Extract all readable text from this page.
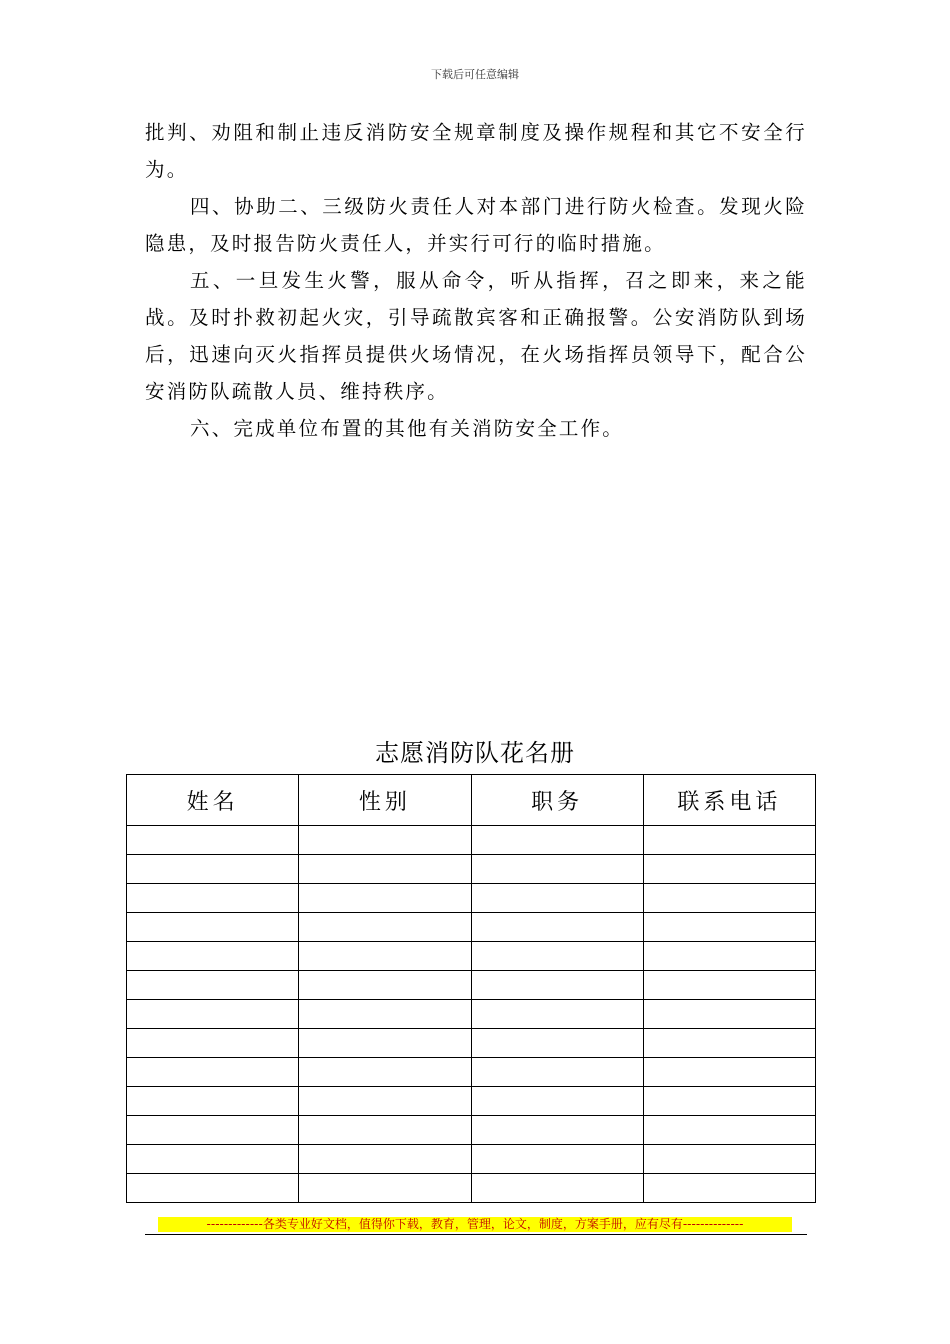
下载后可任意编辑

批判、劝阻和制止违反消防安全规章制度及操作规程和其它不安全行为。

四、协助二、三级防火责任人对本部门进行防火检查。发现火险隐患，及时报告防火责任人，并实行可行的临时措施。

五、一旦发生火警，服从命令，听从指挥，召之即来，来之能战。及时扑救初起火灾，引导疏散宾客和正确报警。公安消防队到场后，迅速向灭火指挥员提供火场情况，在火场指挥员领导下，配合公安消防队疏散人员、维持秩序。

六、完成单位布置的其他有关消防安全工作。

志愿消防队花名册
姓名	性别	职务	联系电话

-------------各类专业好文档，值得你下载，教育，管理，论文，制度，方案手册，应有尽有--------------
